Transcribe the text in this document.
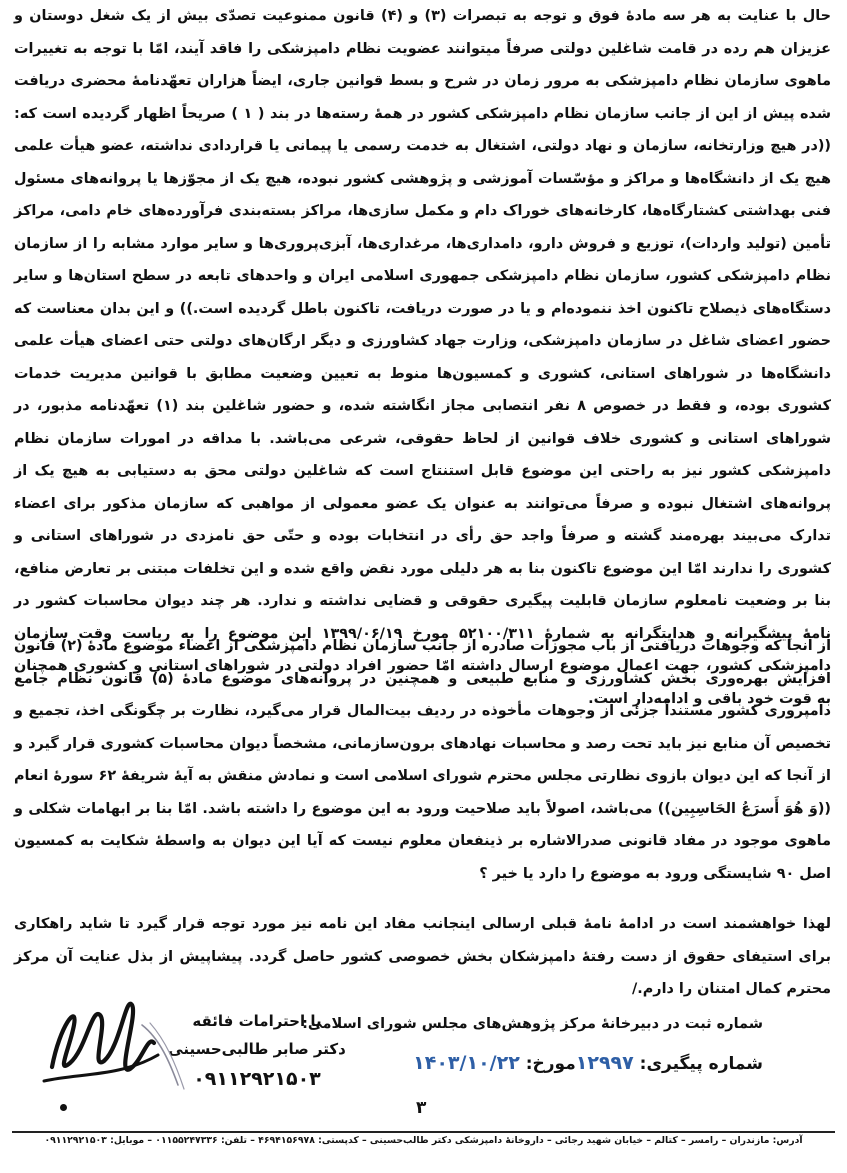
حال با عنایت به هر سه مادهٔ فوق و توجه به تبصرات (۳) و (۴) قانون ممنوعیت تصدّی بیش از یک شغل دوستان و عزیزان هم رده در قامت شاغلین دولتی صرفاً میتوانند عضویت نظام دامپزشکی را فاقد آیند، امّا با توجه به تغییرات ماهوی سازمان نظام دامپزشکی به مرور زمان در شرح و بسط قوانین جاری، ایضاً هزاران تعهّدنامهٔ محضری دریافت شده پیش از این از جانب سازمان نظام دامپزشکی کشور در همهٔ رسته‌ها در بند ( ۱ ) صریحاً اظهار گردیده است که: ((در هیچ وزارتخانه، سازمان و نهاد دولتی، اشتغال به خدمت رسمی یا پیمانی یا قراردادی نداشته، عضو هیأت علمی هیچ یک از دانشگاه‌ها و مراکز و مؤسّسات آموزشی و پژوهشی کشور نبوده، هیچ یک از مجوّزها یا پروانه‌های مسئول فنی بهداشتی کشتارگاه‌ها، کارخانه‌های خوراک دام و مکمل سازی‌ها، مراکز بسته‌بندی فرآورده‌های خام دامی، مراکز تأمین (تولید واردات)، توزیع و فروش دارو، دامداری‌ها، مرغداری‌ها، آبزی‌پروری‌ها و سایر موارد مشابه را از سازمان نظام دامپزشکی کشور، سازمان نظام دامپزشکی جمهوری اسلامی ایران و واحدهای تابعه در سطح استان‌ها و سایر دستگاه‌های ذیصلاح تاکنون اخذ ننموده‌ام و یا در صورت دریافت، تاکنون باطل گردیده است.)) و این بدان معناست که حضور اعضای شاغل در سازمان دامپزشکی، وزارت جهاد کشاورزی و دیگر ارگان‌های دولتی حتی اعضای هیأت علمی دانشگاه‌ها در شوراهای استانی، کشوری و کمسیون‌ها منوط به تعیین وضعیت مطابق با قوانین مدیریت خدمات کشوری بوده، و فقط در خصوص ۸ نفر انتصابی مجاز انگاشته شده، و حضور شاغلین بند (۱) تعهّدنامه مذبور، در شوراهای استانی و کشوری خلاف قوانین از لحاظ حقوقی، شرعی می‌باشد. با مداقه در امورات سازمان نظام دامپزشکی کشور نیز به راحتی این موضوع قابل استنتاج است که شاغلین دولتی محق به دستیابی به هیچ یک از پروانه‌های اشتغال نبوده و صرفاً می‌توانند به عنوان یک عضو معمولی از مواهبی که سازمان مذکور برای اعضاء تدارک می‌بیند بهره‌مند گشته و صرفاً واجد حق رأی در انتخابات بوده و حتّی حق نامزدی در شوراهای استانی و کشوری را ندارند امّا این موضوع تاکنون بنا به هر دلیلی مورد نقض واقع شده و این تخلفات مبتنی بر تعارض منافع، بنا بر وضعیت نامعلوم سازمان قابلیت پیگیری حقوقی و قضایی نداشته و ندارد. هر چند دیوان محاسبات کشور در نامهٔ پیشگیرانه و هدایتگرانه به شمارهٔ ۵۲۱۰۰/۳۱۱ مورخ ۱۳۹۹/۰۶/۱۹ این موضوع را به ریاست وقت سازمان دامپزشکی کشور، جهت اعمال موضوع ارسال داشته امّا حضور افراد دولتی در شوراهای استانی و کشوری همچنان به قوت خود باقی و ادامه‌دار است.

از آنجا که وجوهات دریافتی از باب مجوزات صادره از جانب سازمان نظام دامپزشکی از اعضاء موضوع مادهٔ (۲) قانون افزایش بهره‌وری بخش کشاورزی و منابع طبیعی و همچنین در پروانه‌های موضوع مادهٔ (۵) قانون نظام جامع دامپروری کشور مستنداً جزئی از وجوهات مأخوذه در ردیف بیت‌المال قرار می‌گیرد، نظارت بر چگونگی اخذ، تجمیع و تخصیص آن منابع نیز باید تحت رصد و محاسبات نهادهای برون‌سازمانی، مشخصاً دیوان محاسبات کشوری قرار گیرد و از آنجا که این دیوان بازوی نظارتی مجلس محترم شورای اسلامی است و نمادش منقش به آیهٔ شریفهٔ ۶۲ سورهٔ انعام ((وَ هُوَ أَسرَعُ الحَاسِبِین)) می‌باشد، اصولاً باید صلاحیت ورود به این موضوع را داشته باشد. امّا بنا بر ابهامات شکلی و ماهوی موجود در مفاد قانونی صدرالاشاره بر ذینفعان معلوم نیست که آیا این دیوان به واسطهٔ شکایت به کمسیون اصل ۹۰ شایستگی ورود به موضوع را دارد یا خیر ؟

لهذا خواهشمند است در ادامهٔ نامهٔ قبلی ارسالی اینجانب مفاد این نامه نیز مورد توجه قرار گیرد تا شاید راهکاری برای استیفای حقوق از دست رفتهٔ دامپزشکان بخش خصوصی کشور حاصل گردد. پیشاپیش از بذل عنایت آن مرکز محترم کمال امتنان را دارم./

با احترامات فائقه
دکتر صابر طالبی‌حسینی
۰۹۱۱۲۹۲۱۵۰۳
شماره ثبت در دبیرخانهٔ مرکز پژوهش‌های مجلس شورای اسلامی:
شماره پیگیری: ۱۲۹۹۷مورخ: ۱۴۰۳/۱۰/۲۲
۳
آدرس: مازندران – رامسر – کتالم – خیابان شهید رجائی – داروخانهٔ دامپزشکی دکتر طالب‌حسینی – کدپستی: ۴۶۹۴۱۵۶۹۷۸ – تلفن: ۰۱۱۵۵۲۴۷۳۳۶ – موبایل: ۰۹۱۱۲۹۲۱۵۰۳
